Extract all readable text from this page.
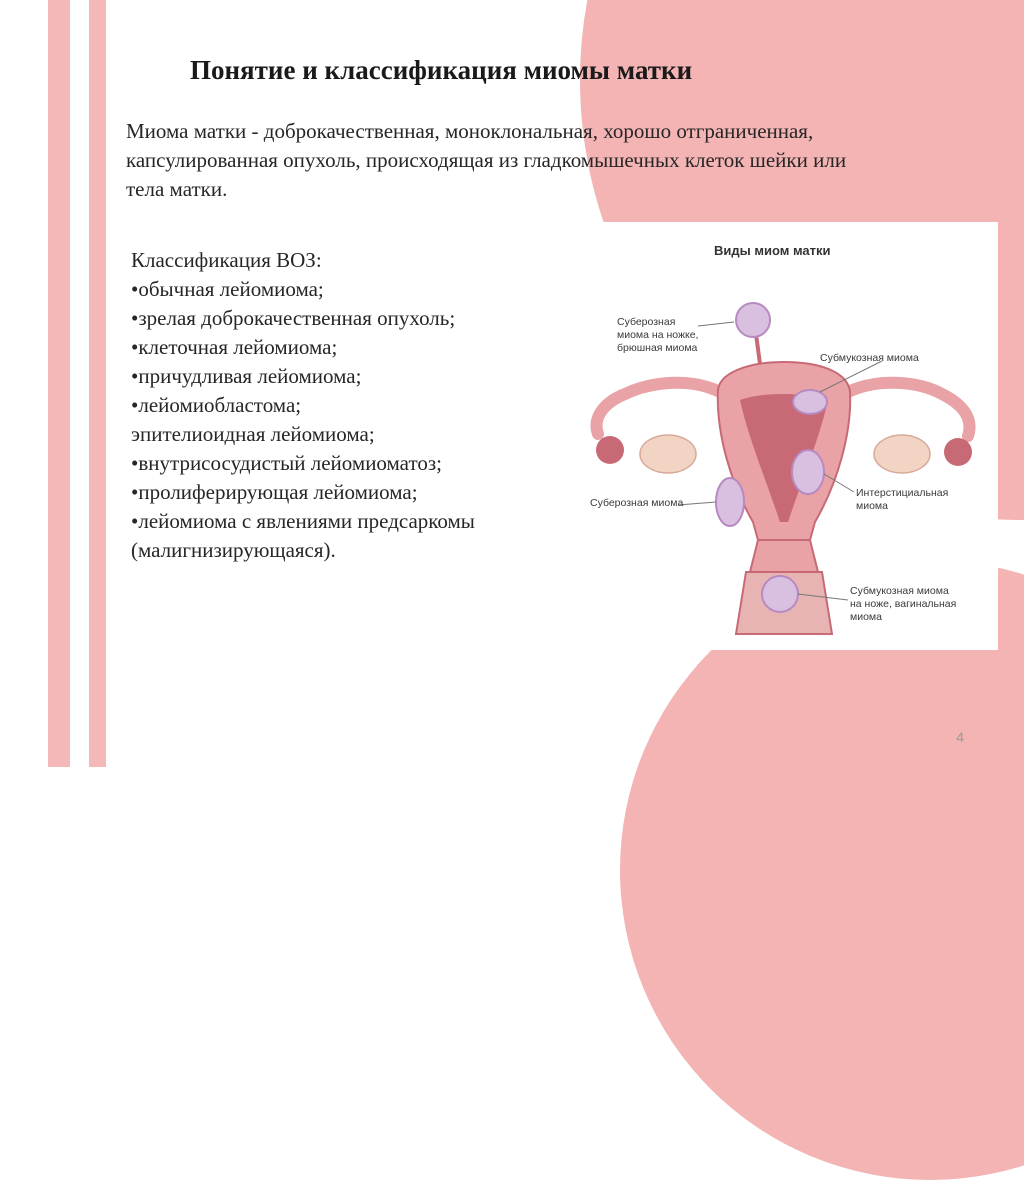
Понятие и классификация миомы матки
Миома матки - доброкачественная, моноклональная, хорошо отграниченная, капсулированная опухоль, происходящая из гладкомышечных клеток шейки или тела матки.
Классификация ВОЗ:
•обычная лейомиома;
•зрелая доброкачественная опухоль;
•клеточная лейомиома;
•причудливая лейомиома;
•лейомиобластома;
эпителиоидная лейомиома;
•внутрисосудистый лейомиоматоз;
•пролиферирующая лейомиома;
•лейомиома с явлениями предсаркомы
(малигнизирующаяся).
Виды миом матки
Суберозная
миома на ножке,
брюшная миома
Субмукозная миома
Суберозная миома
Интерстициальная
миома
Субмукозная миома
на ноже, вагинальная
миома
4
